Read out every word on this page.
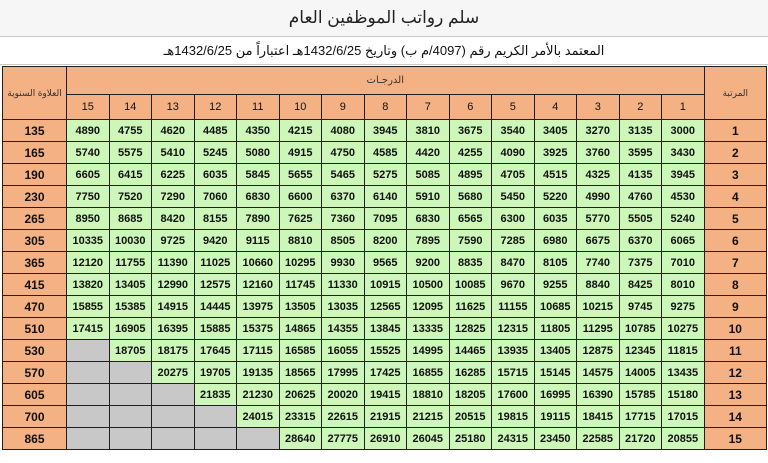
سلم رواتب الموظفين العام
المعتمد بالأمر الكريم رقم (4097/م ب) وتاريخ 1432/6/25هـ اعتباراً من 1432/6/25هـ
العلاوة السنوية	الدرجـات															المرتبة
	15	14	13	12	11	10	9	8	7	6	5	4	3	2	1	
135	4890	4755	4620	4485	4350	4215	4080	3945	3810	3675	3540	3405	3270	3135	3000	1
165	5740	5575	5410	5245	5080	4915	4750	4585	4420	4255	4090	3925	3760	3595	3430	2
190	6605	6415	6225	6035	5845	5655	5465	5275	5085	4895	4705	4515	4325	4135	3945	3
230	7750	7520	7290	7060	6830	6600	6370	6140	5910	5680	5450	5220	4990	4760	4530	4
265	8950	8685	8420	8155	7890	7625	7360	7095	6830	6565	6300	6035	5770	5505	5240	5
305	10335	10030	9725	9420	9115	8810	8505	8200	7895	7590	7285	6980	6675	6370	6065	6
365	12120	11755	11390	11025	10660	10295	9930	9565	9200	8835	8470	8105	7740	7375	7010	7
415	13820	13405	12990	12575	12160	11745	11330	10915	10500	10085	9670	9255	8840	8425	8010	8
470	15855	15385	14915	14445	13975	13505	13035	12565	12095	11625	11155	10685	10215	9745	9275	9
510	17415	16905	16395	15885	15375	14865	14355	13845	13335	12825	12315	11805	11295	10785	10275	10
530		18705	18175	17645	17115	16585	16055	15525	14995	14465	13935	13405	12875	12345	11815	11
570			20275	19705	19135	18565	17995	17425	16855	16285	15715	15145	14575	14005	13435	12
605				21835	21230	20625	20020	19415	18810	18205	17600	16995	16390	15785	15180	13
700					24015	23315	22615	21915	21215	20515	19815	19115	18415	17715	17015	14
865						28640	27775	26910	26045	25180	24315	23450	22585	21720	20855	15
